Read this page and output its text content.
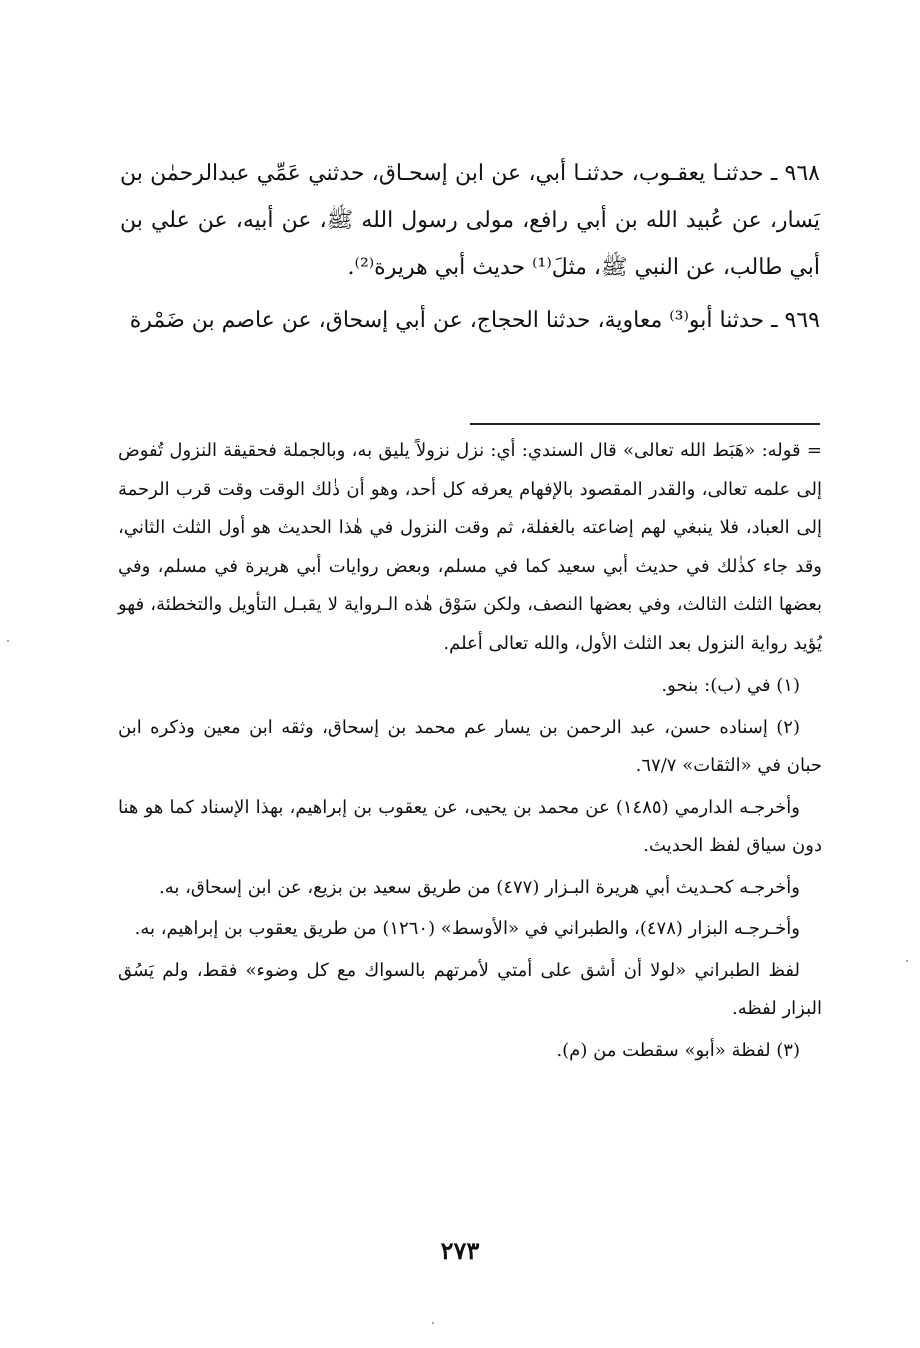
٩٦٨ ـ حدثنـا يعقـوب، حدثنـا أبي، عن ابن إسحـاق، حدثني عَمِّي عبدالرحمٰن بن يَسار، عن عُبيد الله بن أبي رافع، مولى رسول الله ﷺ، عن أبيه، عن علي بن أبي طالب، عن النبي ﷺ، مثلَ⁽¹⁾ حديث أبي هريرة⁽²⁾.

٩٦٩ ـ حدثنا أبو⁽³⁾ معاوية، حدثنا الحجاج، عن أبي إسحاق، عن عاصم بن ضَمْرة

= قوله: «هَبَط الله تعالى» قال السندي: أي: نزل نزولاً يليق به، وبالجملة فحقيقة النزول تُفوض إلى علمه تعالى، والقدر المقصود بالإفهام يعرفه كل أحد، وهو أن ذٰلك الوقت وقت قرب الرحمة إلى العباد، فلا ينبغي لهم إضاعته بالغفلة، ثم وقت النزول في هٰذا الحديث هو أول الثلث الثاني، وقد جاء كذٰلك في حديث أبي سعيد كما في مسلم، وبعض روايات أبي هريرة في مسلم، وفي بعضها الثلث الثالث، وفي بعضها النصف، ولكن سَوْق هٰذه الـرواية لا يقبـل التأويل والتخطئة، فهو يُؤيد رواية النزول بعد الثلث الأول، والله تعالى أعلم.

(١) في (ب): بنحو.

(٢) إسناده حسن، عبد الرحمن بن يسار عم محمد بن إسحاق، وثقه ابن معين وذكره ابن حبان في «الثقات» ٦٧/٧.

وأخرجـه الدارمي (١٤٨٥) عن محمد بن يحيى، عن يعقوب بن إبراهيم، بهذا الإسناد كما هو هنا دون سياق لفظ الحديث.

وأخرجـه كحـديث أبي هريرة البـزار (٤٧٧) من طريق سعيد بن بزيع، عن ابن إسحاق، به.

وأخـرجـه البزار (٤٧٨)، والطبراني في «الأوسط» (١٢٦٠) من طريق يعقوب بن إبراهيم، به.

لفظ الطبراني «لولا أن أشق على أمتي لأمرتهم بالسواك مع كل وضوء» فقط، ولم يَسُق البزار لفظه.

(٣) لفظة «أبو» سقطت من (م).

٢٧٣
